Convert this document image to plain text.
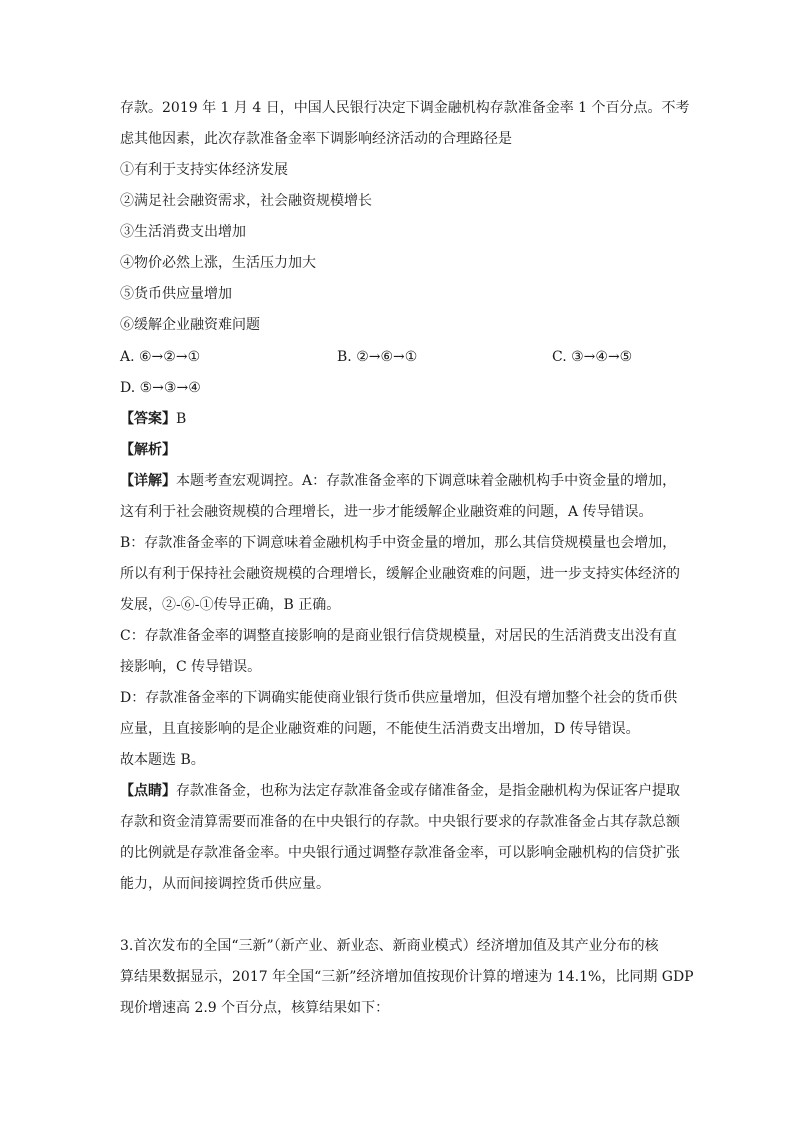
存款。2019 年 1 月 4 日，中国人民银行决定下调金融机构存款准备金率 1 个百分点。不考
虑其他因素，此次存款准备金率下调影响经济活动的合理路径是
①有利于支持实体经济发展
②满足社会融资需求，社会融资规模增长
③生活消费支出增加
④物价必然上涨，生活压力加大
⑤货币供应量增加
⑥缓解企业融资难问题
A. ⑥→②→①	B. ②→⑥→①	C. ③→④→⑤
D. ⑤→③→④
【答案】B
【解析】
【详解】本题考查宏观调控。A：存款准备金率的下调意味着金融机构手中资金量的增加，
这有利于社会融资规模的合理增长，进一步才能缓解企业融资难的问题，A 传导错误。
B：存款准备金率的下调意味着金融机构手中资金量的增加，那么其信贷规模量也会增加，
所以有利于保持社会融资规模的合理增长，缓解企业融资难的问题，进一步支持实体经济的
发展，②-⑥-①传导正确，B 正确。
C：存款准备金率的调整直接影响的是商业银行信贷规模量，对居民的生活消费支出没有直
接影响，C 传导错误。
D：存款准备金率的下调确实能使商业银行货币供应量增加，但没有增加整个社会的货币供
应量，且直接影响的是企业融资难的问题，不能使生活消费支出增加，D 传导错误。
故本题选 B。
【点睛】存款准备金，也称为法定存款准备金或存储准备金，是指金融机构为保证客户提取
存款和资金清算需要而准备的在中央银行的存款。中央银行要求的存款准备金占其存款总额
的比例就是存款准备金率。中央银行通过调整存款准备金率，可以影响金融机构的信贷扩张
能力，从而间接调控货币供应量。
3.首次发布的全国“三新”（新产业、新业态、新商业模式）经济增加值及其产业分布的核
算结果数据显示，2017 年全国“三新”经济增加值按现价计算的增速为 14.1%，比同期 GDP
现价增速高 2.9 个百分点，核算结果如下：
